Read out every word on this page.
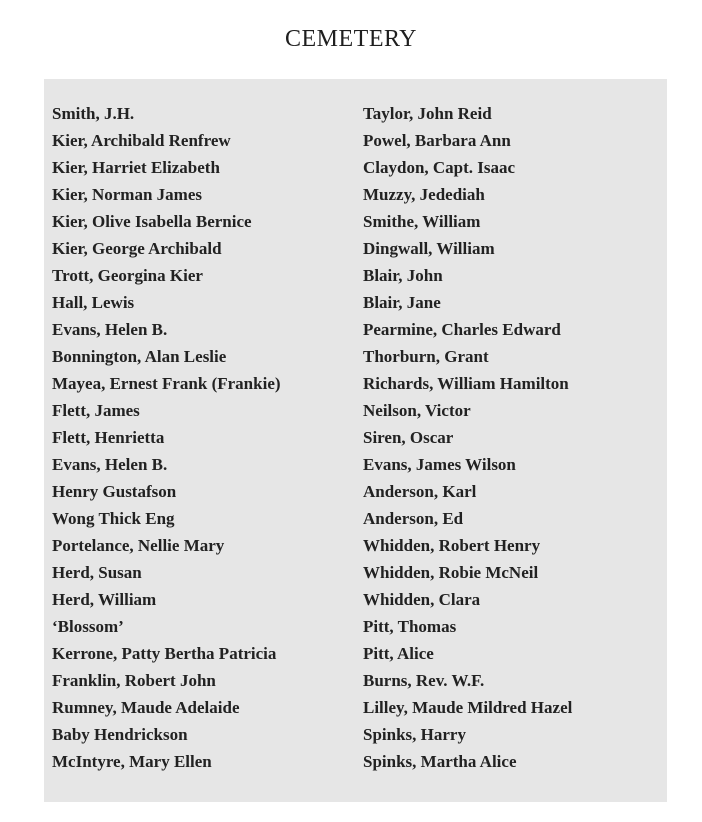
CEMETERY
Smith, J.H.
Kier, Archibald Renfrew
Kier, Harriet Elizabeth
Kier, Norman James
Kier, Olive Isabella Bernice
Kier, George Archibald
Trott, Georgina Kier
Hall, Lewis
Evans, Helen B.
Bonnington, Alan Leslie
Mayea, Ernest Frank (Frankie)
Flett, James
Flett, Henrietta
Evans, Helen B.
Henry Gustafson
Wong Thick Eng
Portelance, Nellie Mary
Herd, Susan
Herd, William
‘Blossom’
Kerrone, Patty Bertha Patricia
Franklin, Robert John
Rumney, Maude Adelaide
Baby Hendrickson
McIntyre, Mary Ellen
Taylor, John Reid
Powel, Barbara Ann
Claydon, Capt. Isaac
Muzzy, Jedediah
Smithe, William
Dingwall, William
Blair, John
Blair, Jane
Pearmine, Charles Edward
Thorburn, Grant
Richards, William Hamilton
Neilson, Victor
Siren, Oscar
Evans, James Wilson
Anderson, Karl
Anderson, Ed
Whidden, Robert Henry
Whidden, Robie McNeil
Whidden, Clara
Pitt, Thomas
Pitt, Alice
Burns, Rev. W.F.
Lilley, Maude Mildred Hazel
Spinks, Harry
Spinks, Martha Alice
